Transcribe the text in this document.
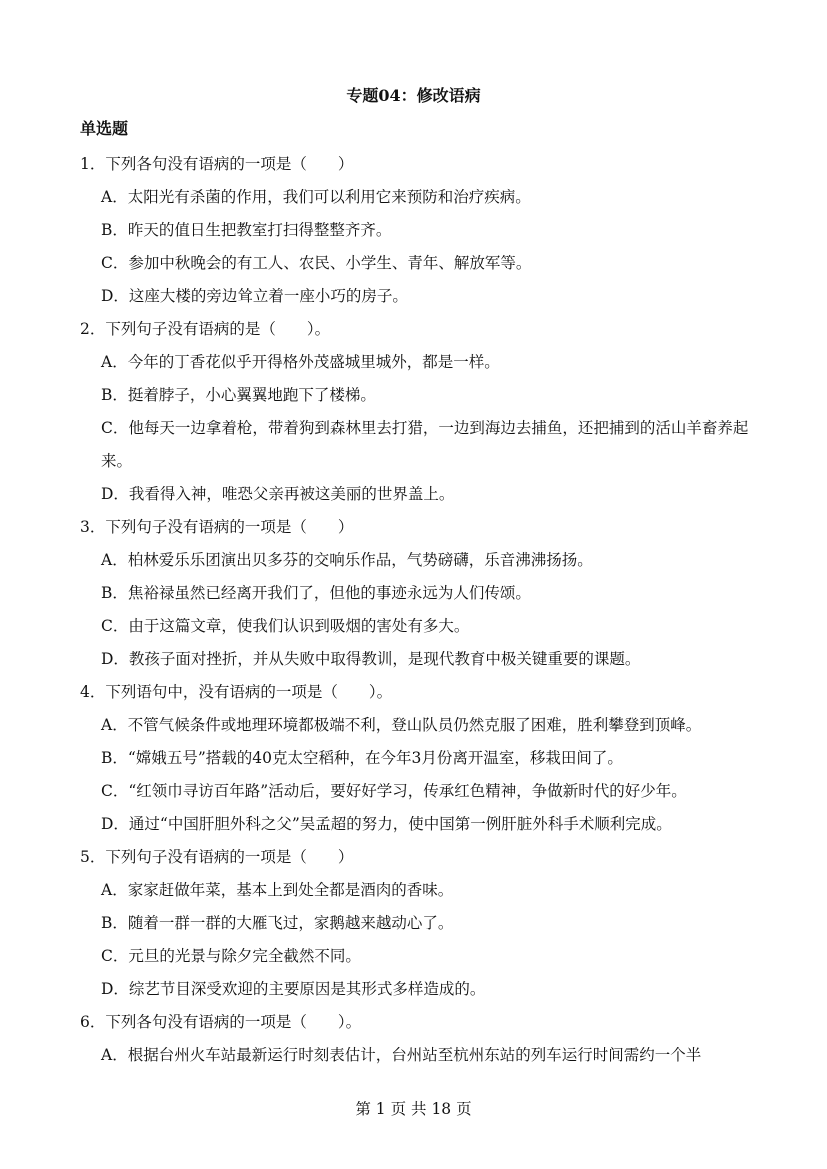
专题04：修改语病
单选题
1．下列各句没有语病的一项是（　　）
A．太阳光有杀菌的作用，我们可以利用它来预防和治疗疾病。
B．昨天的值日生把教室打扫得整整齐齐。
C．参加中秋晚会的有工人、农民、小学生、青年、解放军等。
D．这座大楼的旁边耸立着一座小巧的房子。
2．下列句子没有语病的是（　　）。
A．今年的丁香花似乎开得格外茂盛城里城外，都是一样。
B．挺着脖子，小心翼翼地跑下了楼梯。
C．他每天一边拿着枪，带着狗到森林里去打猎，一边到海边去捕鱼，还把捕到的活山羊畜养起来。
D．我看得入神，唯恐父亲再被这美丽的世界盖上。
3．下列句子没有语病的一项是（　　）
A．柏林爱乐乐团演出贝多芬的交响乐作品，气势磅礴，乐音沸沸扬扬。
B．焦裕禄虽然已经离开我们了，但他的事迹永远为人们传颂。
C．由于这篇文章，使我们认识到吸烟的害处有多大。
D．教孩子面对挫折，并从失败中取得教训，是现代教育中极关键重要的课题。
4．下列语句中，没有语病的一项是（　　）。
A．不管气候条件或地理环境都极端不利，登山队员仍然克服了困难，胜利攀登到顶峰。
B．“嫦娥五号”搭载的40克太空稻种，在今年3月份离开温室，移栽田间了。
C．“红领巾寻访百年路”活动后，要好好学习，传承红色精神，争做新时代的好少年。
D．通过“中国肝胆外科之父”吴孟超的努力，使中国第一例肝脏外科手术顺利完成。
5．下列句子没有语病的一项是（　　）
A．家家赶做年菜，基本上到处全都是酒肉的香味。
B．随着一群一群的大雁飞过，家鹅越来越动心了。
C．元旦的光景与除夕完全截然不同。
D．综艺节目深受欢迎的主要原因是其形式多样造成的。
6．下列各句没有语病的一项是（　　）。
A．根据台州火车站最新运行时刻表估计，台州站至杭州东站的列车运行时间需约一个半
第 1 页 共 18 页
